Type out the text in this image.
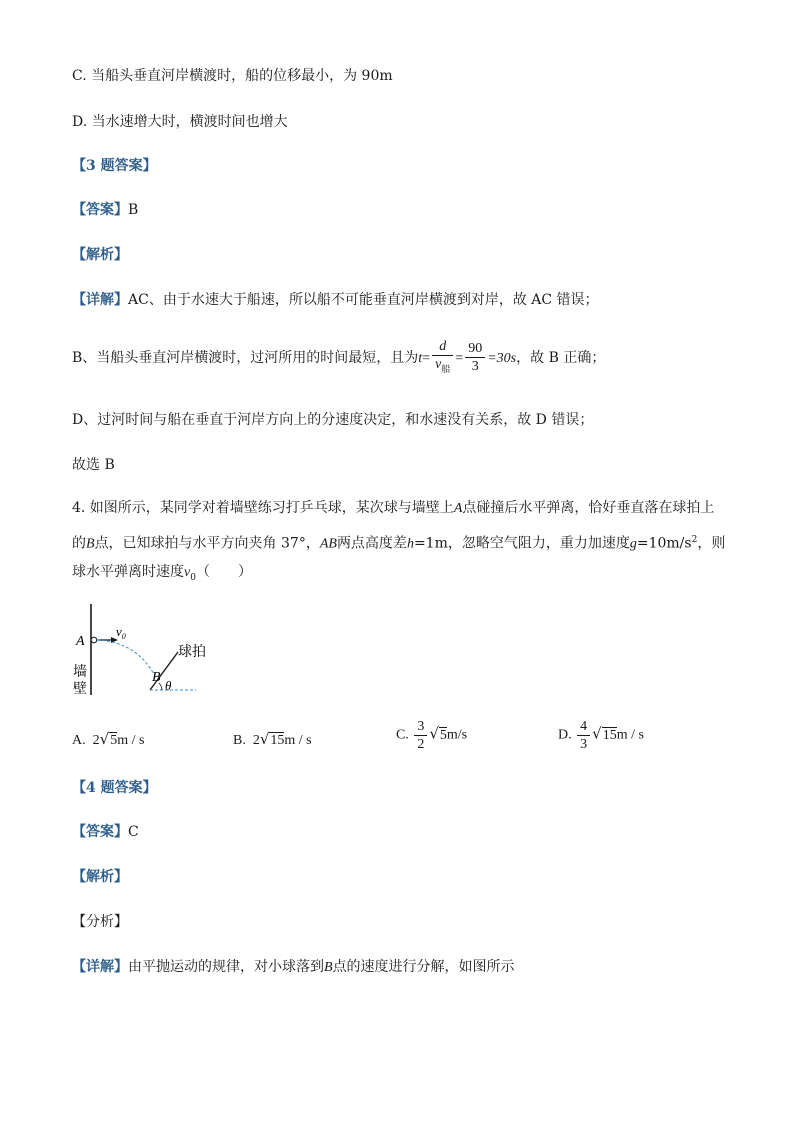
C. 当船头垂直河岸横渡时，船的位移最小，为 90m
D. 当水速增大时，横渡时间也增大
【3 题答案】
【答案】B
【解析】
【详解】AC、由于水速大于船速，所以船不可能垂直河岸横渡到对岸，故 AC 错误；
B、当船头垂直河岸横渡时，过河所用的时间最短，且为$t= \frac{d}{v_船} = \frac{90}{3} =30s$，故 B 正确；
D、过河时间与船在垂直于河岸方向上的分速度决定，和水速没有关系，故 D 错误；
故选 B
4. 如图所示，某同学对着墙壁练习打乒乓球，某次球与墙壁上A点碰撞后水平弹离，恰好垂直落在球拍上
的B点，已知球拍与水平方向夹角 37°，AB两点高度差h=1m，忽略空气阻力，重力加速度$g=10m/s^2$，则
球水平弹离时速度$v_0$（　　）
A
$v_0$
球拍
墙
壁
B
θ
A. 2√5m / s	B. 2√15m / s	C. $\frac{3}{2} √5m/s$	D. $\frac{4}{3} √15m$ / s
【4 题答案】
【答案】C
【解析】
【分析】
【详解】由平抛运动的规律，对小球落到B点的速度进行分解，如图所示
